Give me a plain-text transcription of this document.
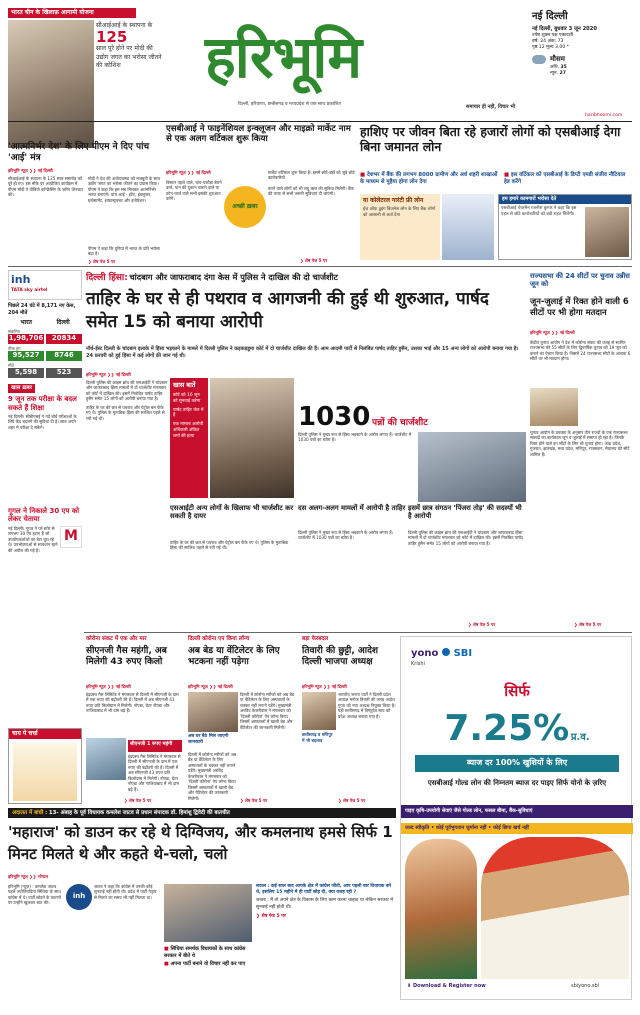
भारत चीन के खिलाफ़ आगामी योजना
सीआईआई के स्थापना के
125
साल पूरे होने पर मोदी की उद्योग जगत का भरोसा जीतने की कोशिश	हरिभूमि
दिल्ली, हरियाणा, छत्तीसगढ़ व मध्यप्रदेश से एक साथ प्रकाशित	समाचार ही नहीं, विचार भी
नई दिल्ली
नई दिल्ली, बुधवार 3 जून 2020
ज्येष्ठ शुक्ल पक्ष एकादशी
वर्ष: 24 अंक: 73
पृष्ठ 12 मूल्य 3.00 *
मौसम
अधि. 35
न्यून. 27
haribhoomi.com
'आत्मनिर्भर देश' के लिए पीएम ने दिए पांच 'आई' मंत्र
हरिभूमि न्यूज़ ❯❯ नई दिल्ली
सीआईआई के स्थापना के 125 साल समारोह को पूरे हो गए। इस मौके पर आयोजित कार्यक्रम में पीएम मोदी ने वीडियो कॉन्फ्रेंसिंग के ज़रिए शिरकत की।
मोदी ने देश की अर्थव्यवस्था को मजबूती के साथ उद्योग जगत का भरोसा जीतने का प्रयास किया। पीएम ने कहा कि हम सब मिलकर आत्मनिर्भर भारत बनाएंगे। पांच आई - इंटेंट, इंक्लूजन, इन्वेस्टमेंट, इन्फ्रास्ट्रक्चर और इनोवेशन।
पीएम ने कहा कि दुनिया में भारत के प्रति भरोसा बढ़ा है।
❯ शेष पेज 5 पर
एसबीआई ने फाइनेंशियल इन्क्लूजन और माइक्रो मार्केट नाम से एक अलग वर्टिकल शुरू किया
हरिभूमि न्यूज़ ❯❯ नई दिल्ली	मार्केट वर्टिकल शुरू किया है। इसमें छोटे-बड़ों को जुड़े छोटे कारोबारियों
विस्तार पहले वाले, चाय-पकौड़ा बेचने वाले, पान की दुकान चलाने वाले या फ़ोन-चार्ज वाले सभी इसकी शुरुआत करेंगे।
अच्छी ख़बर
करने वाले लोगों को भी लघु ऋण की सुविधा मिलेगी। बैंक की तरफ़ से सभी जरूरी सुविधाएं दी जाएंगी।
❯ शेष पेज 5 पर
हाशिए पर जीवन बिता रहे हजारों लोगों को एसबीआई देगा बिना जमानत लोन
■ देशभर में बैंक की लगभग 8000 ग्रामीण और अर्ध शहरी शाखाओं के माध्यम से मुहैया होगा लोन देगा
■ इस वर्टिकल को एसबीआई के डिप्टी एमडी संजीव नौटियाल हेड करेंगे
या कोलेटरल गारंटी फ्री लोन
ईज़ ऑफ़ डूइंग बिज़नेस लोन के लिए बैंक लोगों को आसानी से कर्ज देगा
हम हमारे कामगारों भरोसा देते
एसबीआई चेयरमैन रजनीश कुमार ने कहा कि इस पहल से छोटे कारोबारियों को बड़ी राहत मिलेगी।
inh
TATA sky airtel
पिछले 24 घंटे में 8,171 नए केस, 204 मौतें
भारत	दिल्ली
संक्रमित
1,98,706	20834
ठीक हुए
95,527	8746
मौतें
5,598	523
खास ख़बर
9 जून तक परीक्षा के बदल सकते हैं शिक्षा
नई दिल्ली। सीबीएसई ने नये बोर्ड परीक्षाओं के लिये केंद्र बदलने की सुविधा दी है। छात्र अपने शहर में परीक्षा दे सकेंगे।
गूगल ने निकाले 30 एप को लेकर चेताया
नई दिल्ली। गूगल ने प्ले स्टोर से लगभग 30 ऐप हटाए हैं जो उपयोगकर्ताओं का डेटा चुरा रहे थे। उपभोक्ताओं से सावधान रहने की अपील की गई है।
M
दिल्ली हिंसा: चांदबाग और जाफराबाद दंगा केस में पुलिस ने दाखिल की दो चार्जशीट
ताहिर के घर से ही पथराव व आगजनी की हुई थी शुरुआत, पार्षद समेत 15 को बनाया आरोपी
नॉर्थ-ईस्ट दिल्ली के चांदबाग इलाके में हिंसा भड़काने के मामले में दिल्ली पुलिस ने कड़कड़डूमा कोर्ट में दो चार्जशीट दाखिल की हैं। आम आदमी पार्टी से निलंबित पार्षद ताहिर हुसैन, उसका भाई और 15 अन्य लोगों को आरोपी बनाया गया है। 24 फ़रवरी को हुई हिंसा में कई लोगों की जान गई थी।
हरिभूमि न्यूज़ ❯❯ नई दिल्ली
दिल्ली पुलिस की क्राइम ब्रांच की एसआईटी ने चांदबाग और जाफराबाद हिंसा मामलों में दो चार्जशीट मंगलवार को कोर्ट में दाखिल की। इसमें निलंबित पार्षद ताहिर हुसैन समेत 15 लोगों को आरोपी बनाया गया है।
ताहिर के घर की छत से पथराव और पेट्रोल बम फेंके गए थे। पुलिस के मुताबिक हिंसा की साजिश पहले से रची गई थी।
खास बातें
कोर्ट को 16 जून को सुनवाई करेगा
पार्षद ताहिर जेल में है
एक मामला आरोपी अधिकारी अंकित शर्मा की हत्या
ताहिर के घर की छत से पथराव और पेट्रोल बम फेंके गए थे। पुलिस के मुताबिक हिंसा की साजिश पहले से रची गई थी।
1030 पन्नों की चार्जशीट
दिल्ली पुलिस ने मुख्य रूप से हिंसा भड़काने के आरोप लगाए हैं। चार्जशीट में 1030 पन्नों का ब्योरा है।
एसआईटी अन्य लोगों के खिलाफ भी चार्जशीट कर सकती है दायर
दस अलग-अलग मामलों में आरोपी है ताहिर इसमें छात्र संगठन 'पिंजरा तोड़' की सदस्यों भी है आरोपी
दिल्ली पुलिस ने मुख्य रूप से हिंसा भड़काने के आरोप लगाए हैं। चार्जशीट में 1030 पन्नों का ब्योरा है।
दिल्ली पुलिस की क्राइम ब्रांच की एसआईटी ने चांदबाग और जाफराबाद हिंसा मामलों में दो चार्जशीट मंगलवार को कोर्ट में दाखिल की। इसमें निलंबित पार्षद ताहिर हुसैन समेत 15 लोगों को आरोपी बनाया गया है।
❯ शेष पेज 5 पर
राज्यसभा की 24 सीटों पर चुनाव उन्नीस जून को
जून-जुलाई में रिक्त होने वाली 6 सीटों पर भी होगा मतदान
हरिभूमि न्यूज़ ❯❯ नई दिल्ली
केंद्रीय चुनाव आयोग ने देश में कोरोना संकट की वजह से स्थगित राज्यसभा की 55 सीटों के लिए द्विवार्षिक चुनाव को 19 जून को कराने का ऐलान किया है। जिसमें 24 राज्यसभा सीटों के अलावा 6 सीटों पर भी मतदान होगा।
चुनाव आयोग के प्रवक्ता के अनुसार तीन राज्यों के एक राज्यसभा सांसदों का कार्यकाल जून व जुलाई में समाप्त हो रहा है। जिनके रिक्त होने वाले इन सीटों के लिए भी चुनाव होगा। आंध्र प्रदेश, गुजरात, झारखंड, मध्य प्रदेश, मणिपुर, राजस्थान, मेघालय की सीटें शामिल हैं।
❯ शेष पेज 5 पर
कोरोना संकट में एक और मार
सीएनजी गैस महंगी, अब मिलेगी 43 रुपए किलो
हरिभूमि न्यूज़ ❯❯ नई दिल्ली
इंद्रप्रस्थ गैस लिमिटेड ने मंगलवार से दिल्ली में सीएनजी के दाम में एक रुपए की बढ़ोतरी की है। दिल्ली में अब सीएनजी 43 रुपए प्रति किलोग्राम में मिलेगी। नोएडा, ग्रेटर नोएडा और गाजियाबाद में भी दाम बढ़े हैं।
सीएनजी 1 रुपए महंगी
इंद्रप्रस्थ गैस लिमिटेड ने मंगलवार से दिल्ली में सीएनजी के दाम में एक रुपए की बढ़ोतरी की है। दिल्ली में अब सीएनजी 43 रुपए प्रति किलोग्राम में मिलेगी। नोएडा, ग्रेटर नोएडा और गाजियाबाद में भी दाम बढ़े हैं।
❯ शेष पेज 5 पर
दिल्ली कोरोना एप किया लॉन्च
अब बेड या वेंटिलेटर के लिए भटकना नहीं पड़ेगा
हरिभूमि न्यूज़ ❯❯ नई दिल्ली
अब घर बैठे मिल जाएगी जानकारी
दिल्ली में कोरोना मरीजों को अब बेड या वेंटिलेटर के लिए अस्पतालों के चक्कर नहीं लगाने पड़ेंगे। मुख्यमंत्री अरविंद केजरीवाल ने मंगलवार को 'दिल्ली कोरोना' ऐप लॉन्च किया जिसमें अस्पतालों में खाली बेड और वेंटिलेटर की जानकारी मिलेगी।
दिल्ली में कोरोना मरीजों को अब बेड या वेंटिलेटर के लिए अस्पतालों के चक्कर नहीं लगाने पड़ेंगे। मुख्यमंत्री अरविंद केजरीवाल ने मंगलवार को 'दिल्ली कोरोना' ऐप लॉन्च किया जिसमें अस्पतालों में खाली बेड और वेंटिलेटर की जानकारी मिलेगी।	❯ शेष पेज 5 पर
बड़ा फेरबदल
तिवारी की छुट्टी, आदेश दिल्ली भाजपा अध्यक्ष
हरिभूमि न्यूज़ ❯❯ नई दिल्ली
भारतीय जनता पार्टी ने दिल्ली प्रदेश अध्यक्ष मनोज तिवारी की जगह आदेश गुप्ता को नया अध्यक्ष नियुक्त किया है। वहीं छत्तीसगढ़ में विष्णुदेव साय को प्रदेश अध्यक्ष बनाया गया है।
छत्तीसगढ़ व मणिपुर में भी बदलाव
❯ शेष पेज 5 पर
चाय पे चर्चा
yono SBI
Krishi
सिर्फ
7.25% प्र.व.
ब्याज दर 100% खुशियों के लिए
एसबीआई गोल्ड लोन की निम्नतम ब्याज दर पाइए सिर्फ योनो के ज़रिए
पाइए कृषि-उपयोगी सेवाएं जैसे गोल्ड लोन, फसल बीमा, बैंक-सुविधाएं
जल्द स्वीकृति • कोई पूर्वभुगतान जुर्माना नहीं • कोई छिपा खर्च नहीं
⬇ Download & Register now	sbiyono.sbi
अदालत में बांधी : 13- अंबाह के पूर्व विधायक कमलेश जाटव से प्रधान संपादक डॉ. हिमांशु द्विवेदी की बातचीत
'महाराज' को डाउन कर रहे थे दिग्विजय, और कमलनाथ हमसे सिर्फ 1 मिनट मिलते थे और कहते थे-चलो, चलो
हरिभूमि न्यूज़ ❯❯ भोपाल
हरिभूमि (न्यूज़) : कमलेश जाटव पहले ज्योतिरादित्य सिंधिया के साथ कांग्रेस में थे। पार्टी छोड़ने के कारणों पर उन्होंने खुलकर बात की।
inh
जाटव ने कहा कि कांग्रेस में उनकी कोई सुनवाई नहीं होती थी। प्रदेश में पार्टी नेतृत्व से मिलने का समय भी नहीं मिलता था।
■ सिंधिया समर्थक विधायकों के साथ कांग्रेस सरकार में बीते थे
■ अपना पार्टी बनाने वो विचार नहीं कर पाए
सवाल : कई साल बाद आपके क्षेत्र में कांग्रेस जीती, आप पहली बार विधायक बने थे, इसलिए 15 महीने में ही पार्टी छोड़ दी, क्या वजह रही ?
जवाब : मैं तो अपने क्षेत्र के विकास के लिए काम करना चाहता था लेकिन सरकार में सुनवाई नहीं होती थी।
❯ शेष पेज 5 पर
